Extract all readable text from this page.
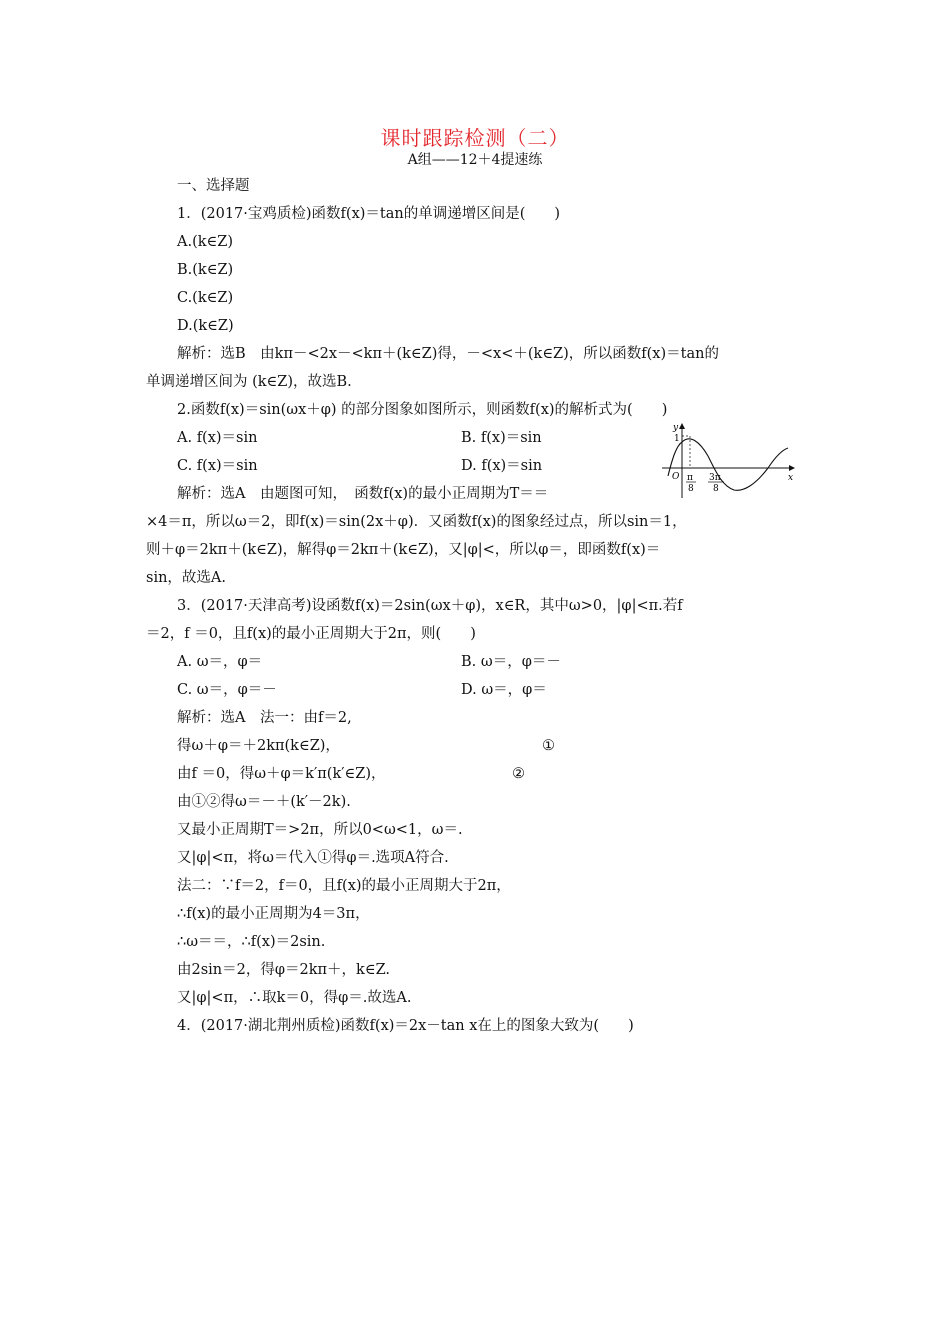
课时跟踪检测（二）
A组——12＋4提速练
一、选择题
1．(2017·宝鸡质检)函数f(x)＝tan的单调递增区间是(　　)
A.(k∈Z)
B.(k∈Z)
C.(k∈Z)
D.(k∈Z)
解析：选B　由kπ－<2x－<kπ＋(k∈Z)得，－<x<＋(k∈Z)，所以函数f(x)＝tan的
单调递增区间为 (k∈Z)，故选B.
2.函数f(x)＝sin(ωx＋φ) 的部分图象如图所示，则函数f(x)的解析式为(　　)
A. f(x)＝sin	B. f(x)＝sin
C. f(x)＝sin	D. f(x)＝sin
y
x
O
1
π
8
3π
8
解析：选A　由题图可知，　函数f(x)的最小正周期为T＝＝
×4＝π，所以ω＝2，即f(x)＝sin(2x＋φ)．又函数f(x)的图象经过点，所以sin＝1，
则＋φ＝2kπ＋(k∈Z)，解得φ＝2kπ＋(k∈Z)，又|φ|<，所以φ＝，即函数f(x)＝
sin，故选A.
3．(2017·天津高考)设函数f(x)＝2sin(ωx＋φ)，x∈R，其中ω>0，|φ|<π.若f
＝2，f ＝0，且f(x)的最小正周期大于2π，则(　　)
A. ω＝，φ＝	B. ω＝，φ＝－
C. ω＝，φ＝－	D. ω＝，φ＝
解析：选A　法一：由f＝2,
得ω＋φ＝＋2kπ(k∈Z)，	①
由f ＝0，得ω＋φ＝k′π(k′∈Z)，	②
由①②得ω＝－＋(k′－2k).
又最小正周期T＝>2π，所以0<ω<1，ω＝.
又|φ|<π，将ω＝代入①得φ＝.选项A符合.
法二：∵f＝2，f＝0，且f(x)的最小正周期大于2π，
∴f(x)的最小正周期为4＝3π，
∴ω＝＝，∴f(x)＝2sin.
由2sin＝2，得φ＝2kπ＋，k∈Z.
又|φ|<π，∴取k＝0，得φ＝.故选A.
4．(2017·湖北荆州质检)函数f(x)＝2x－tan x在上的图象大致为(　　)
